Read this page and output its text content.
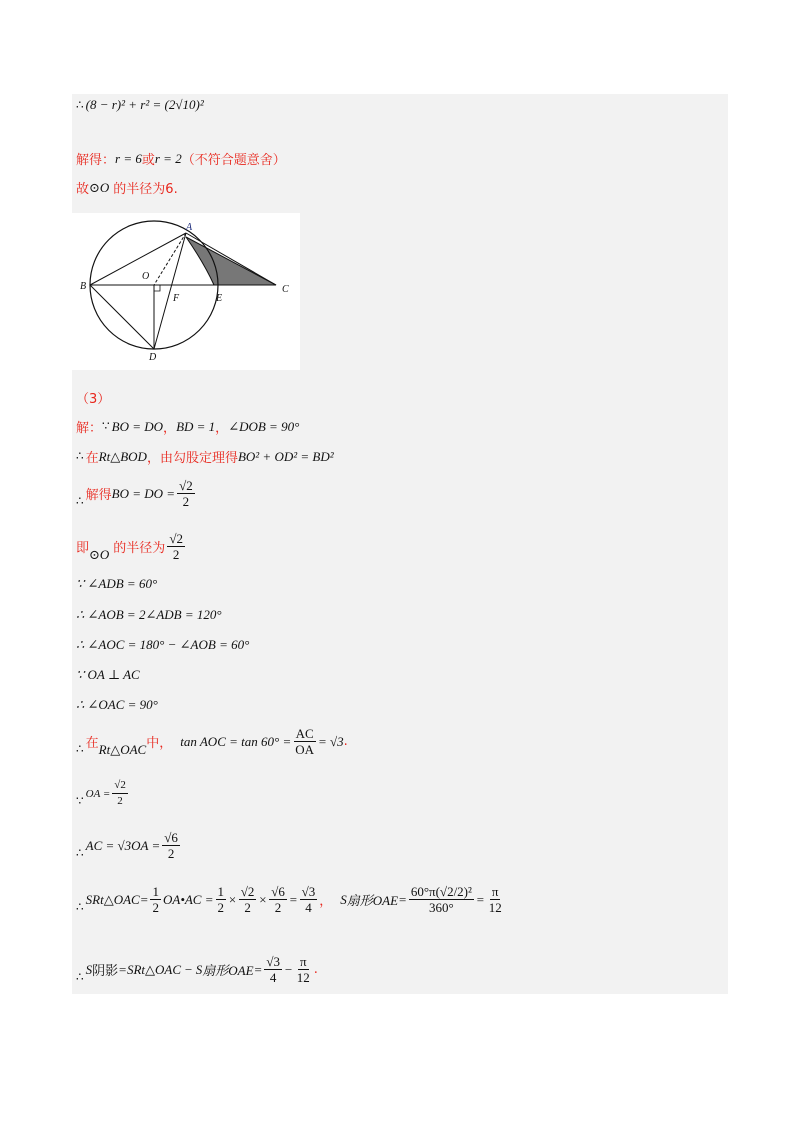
∴ (8 − r)² + r² = (2√10)²
解得： r = 6 或 r = 2 （不符合题意舍）
故 ⊙O 的半径为6.
A
O
B
F	E
C
D
（3）
解： ∵ BO = DO ， BD = 1 ， ∠DOB = 90°
∴ 在 Rt△BOD ，由勾股定理得 BO² + OD² = BD²
∴ 解得 BO = DO = $\frac{√2}{2}$
即 ⊙O 的半径为 $\frac{√2}{2}$
∵ ∠ADB = 60°
∴ ∠AOB = 2∠ADB = 120°
∴ ∠AOC = 180° − ∠AOB = 60°
∵ OA ⊥ AC
∴ ∠OAC = 90°
∴ 在 Rt△OAC 中， tan AOC = $\tan 60^\circ = \frac{AC}{OA} = √3$ .
∵
OA = $\frac{√2}{2}$
∴
AC = $√3OA = \frac{√6}{2}$
∴
S Rt△OAC = $\frac{1}{2}$ OA•AC = $\frac{1}{2} \times \frac{√2}{2} \times \frac{√6}{2} = \frac{√3}{4}$ ， S 扇形OAE = $\frac{\text{60°π(√2/2)²}}{360^\circ} = \frac{\pi}{12}$
∴
S 阴影 = S Rt△OAC − S 扇形OAE = $\frac{√3}{4} - \frac{\pi}{12}$ .
